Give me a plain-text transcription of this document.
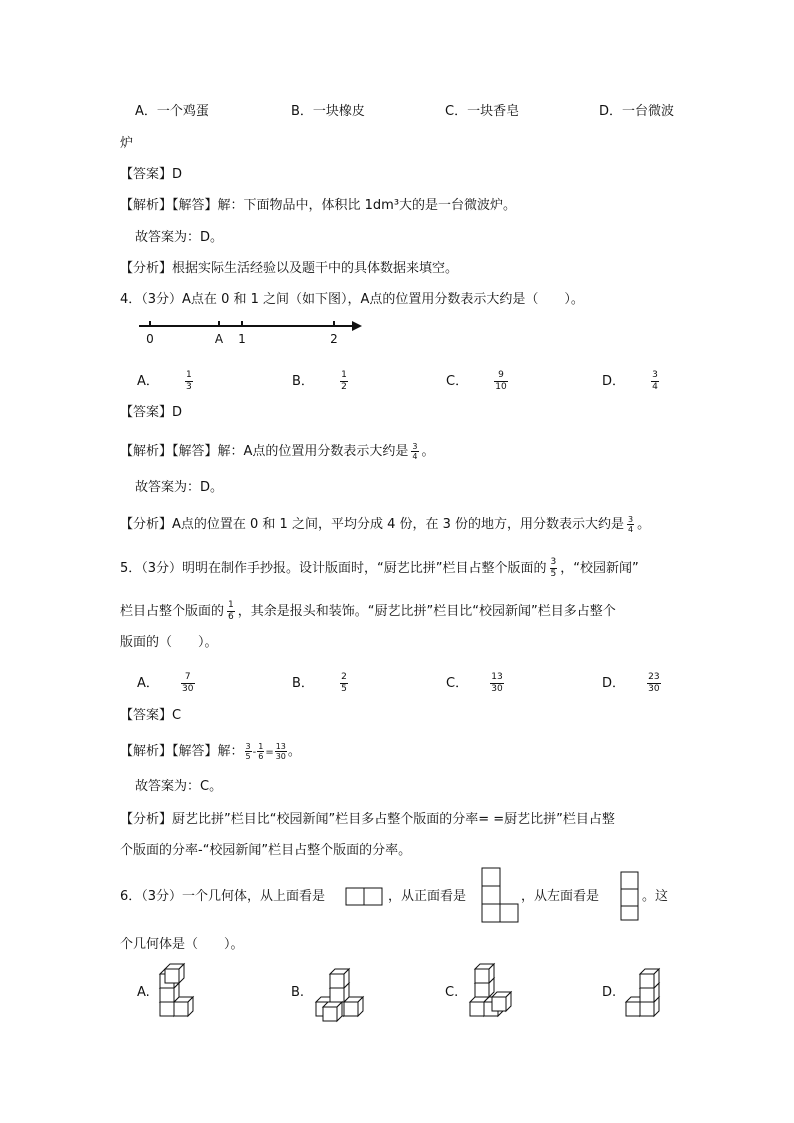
A．一个鸡蛋	B．一块橡皮	C．一块香皂	D．一台微波
炉
【答案】D
【解析】【解答】解：下面物品中，体积比 1dm³大的是一台微波炉。
故答案为：D。
【分析】根据实际生活经验以及题干中的具体数据来填空。
4．（3分）A点在 0 和 1 之间（如下图），A点的位置用分数表示大约是（　　）。
0	A 1	2
A．	$\frac{1}{3}$	B．	$\frac{1}{2}$	C．	$\frac{9}{10}$	D．	$\frac{3}{4}$
【答案】D
【解析】【解答】解：A点的位置用分数表示大约是 $\frac{3}{4}$ 。
故答案为：D。
【分析】A点的位置在 0 和 1 之间，平均分成 4 份，在 3 份的地方，用分数表示大约是 $\frac{3}{4}$ 。
5．（3分）明明在制作手抄报。设计版面时，“厨艺比拼”栏目占整个版面的 $\frac{3}{5}$ ，“校园新闻”
栏目占整个版面的 $\frac{1}{6}$ ，其余是报头和装饰。“厨艺比拼”栏目比“校园新闻”栏目多占整个
版面的（　　）。
A． $\frac{7}{30}$	B．	$\frac{2}{5}$	C． $\frac{13}{30}$	D． $\frac{23}{30}$
【答案】C
【解析】【解答】解： $\frac{3}{5} - \frac{1}{6} = \frac{13}{30}$ 。
故答案为：C。
【分析】厨艺比拼”栏目比“校园新闻”栏目多占整个版面的分率= =厨艺比拼”栏目占整
个版面的分率-“校园新闻”栏目占整个版面的分率。
6．（3分）一个几何体，从上面看是	，从正面看是	，从左面看是	。这
个几何体是（　　）。
A.	B.	C.	D.
